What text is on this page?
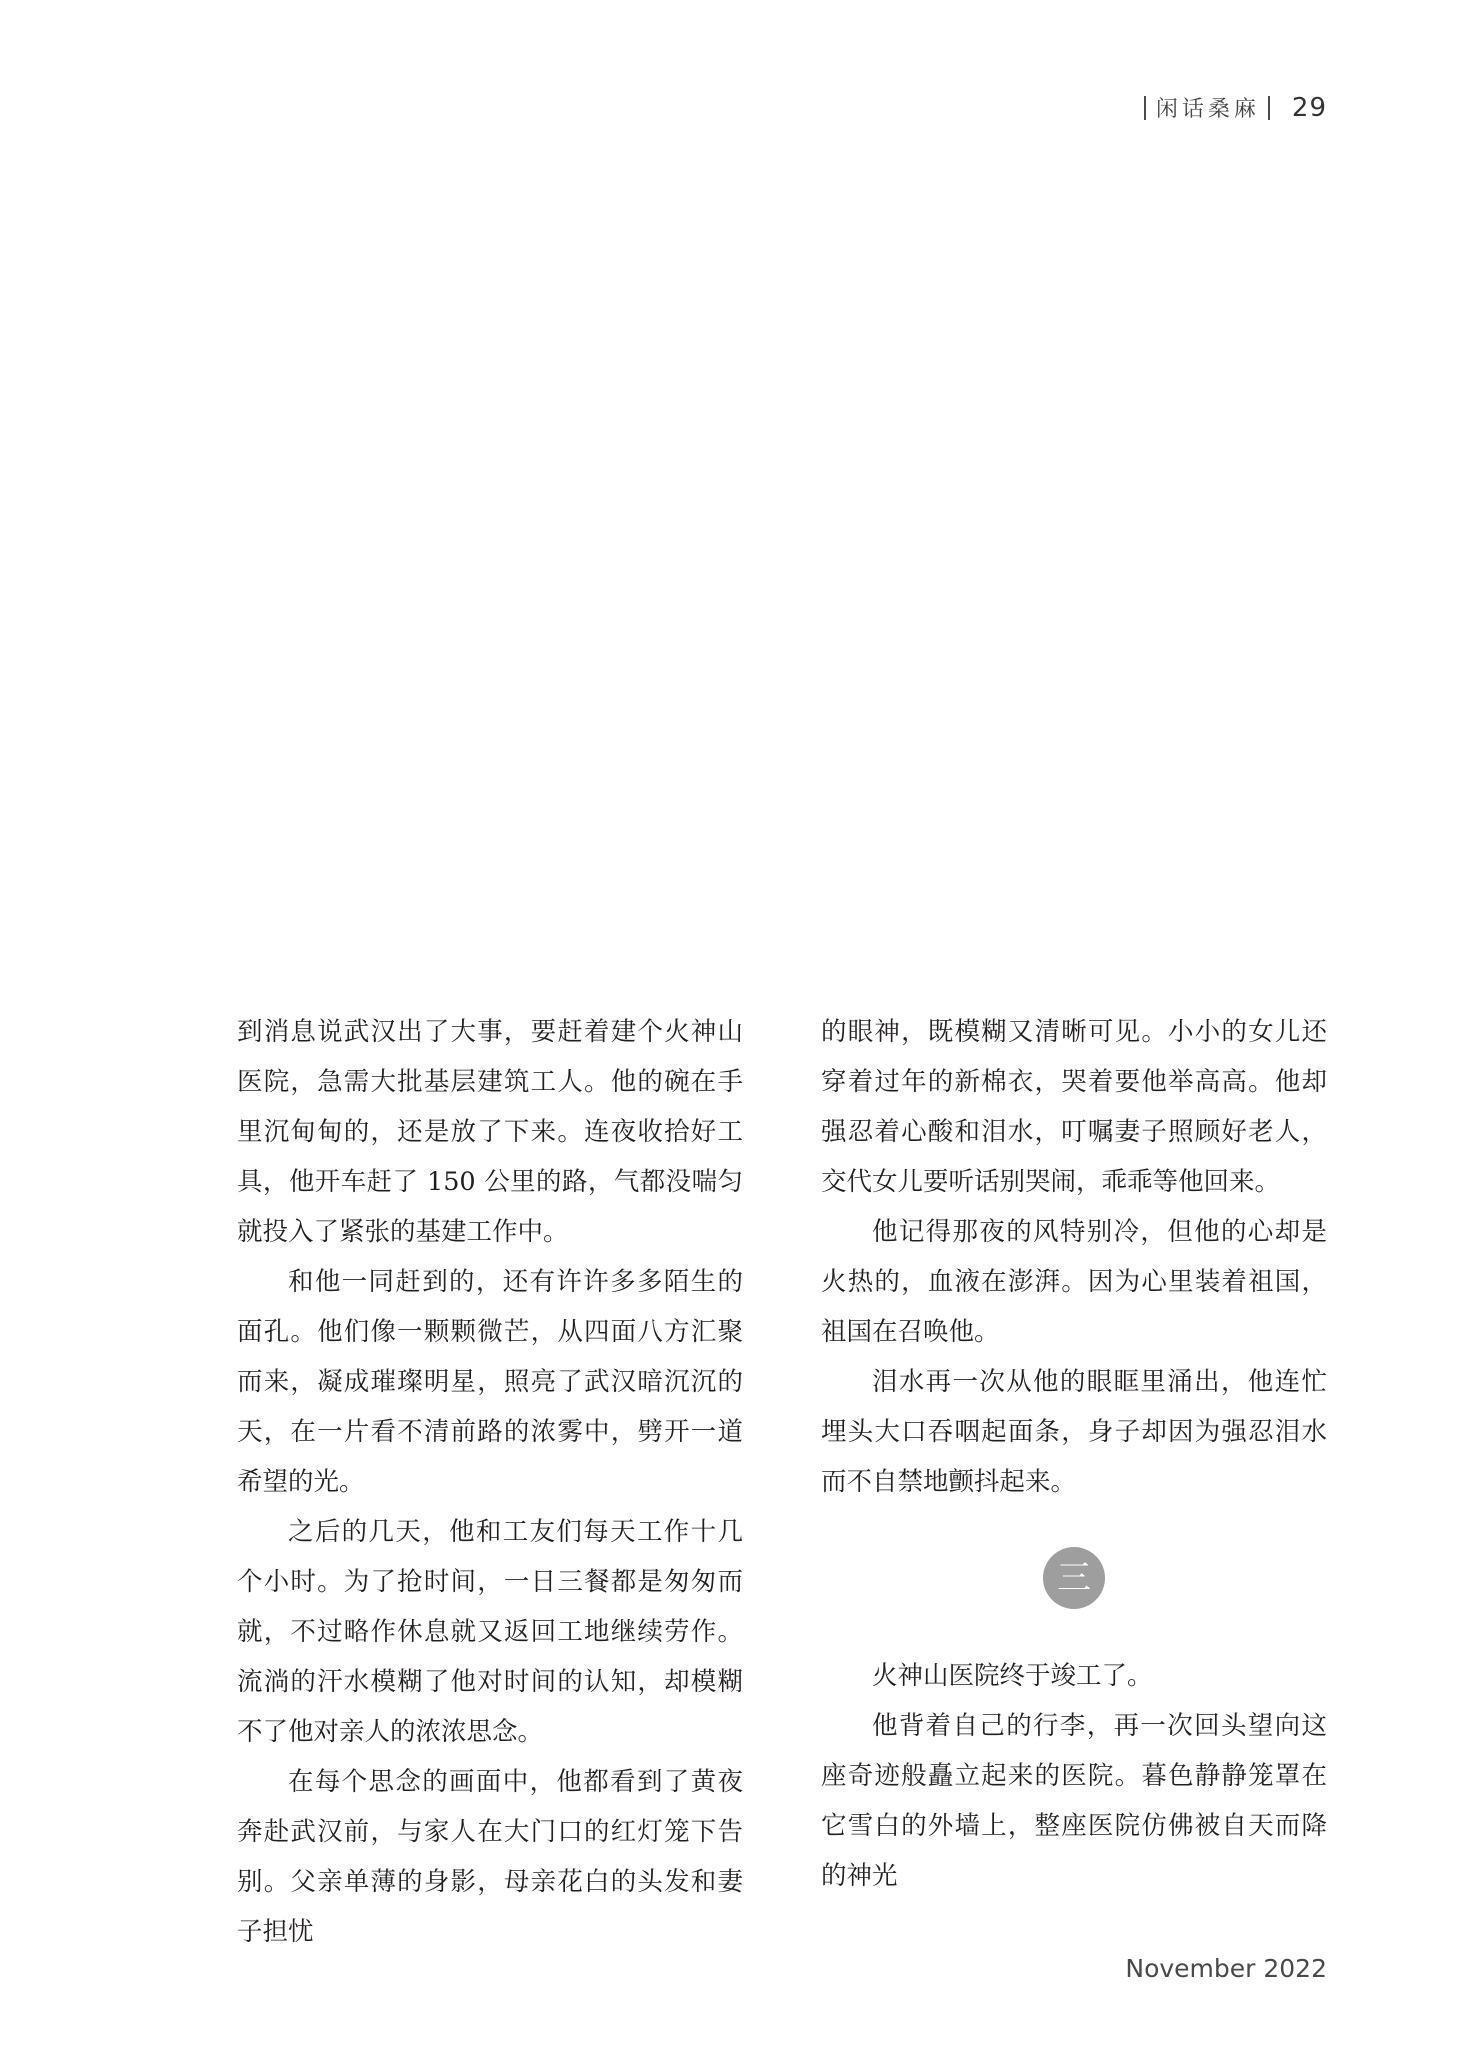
闲话桑麻 29

到消息说武汉出了大事，要赶着建个火神山医院，急需大批基层建筑工人。他的碗在手里沉甸甸的，还是放了下来。连夜收拾好工具，他开车赶了 150 公里的路，气都没喘匀就投入了紧张的基建工作中。

和他一同赶到的，还有许许多多陌生的面孔。他们像一颗颗微芒，从四面八方汇聚而来，凝成璀璨明星，照亮了武汉暗沉沉的天，在一片看不清前路的浓雾中，劈开一道希望的光。

之后的几天，他和工友们每天工作十几个小时。为了抢时间，一日三餐都是匆匆而就，不过略作休息就又返回工地继续劳作。流淌的汗水模糊了他对时间的认知，却模糊不了他对亲人的浓浓思念。

在每个思念的画面中，他都看到了黄夜奔赴武汉前，与家人在大门口的红灯笼下告别。父亲单薄的身影，母亲花白的头发和妻子担忧

的眼神，既模糊又清晰可见。小小的女儿还穿着过年的新棉衣，哭着要他举高高。他却强忍着心酸和泪水，叮嘱妻子照顾好老人，交代女儿要听话别哭闹，乖乖等他回来。

他记得那夜的风特别冷，但他的心却是火热的，血液在澎湃。因为心里装着祖国，祖国在召唤他。

泪水再一次从他的眼眶里涌出，他连忙埋头大口吞咽起面条，身子却因为强忍泪水而不自禁地颤抖起来。

三

火神山医院终于竣工了。

他背着自己的行李，再一次回头望向这座奇迹般矗立起来的医院。暮色静静笼罩在它雪白的外墙上，整座医院仿佛被自天而降的神光

November 2022
